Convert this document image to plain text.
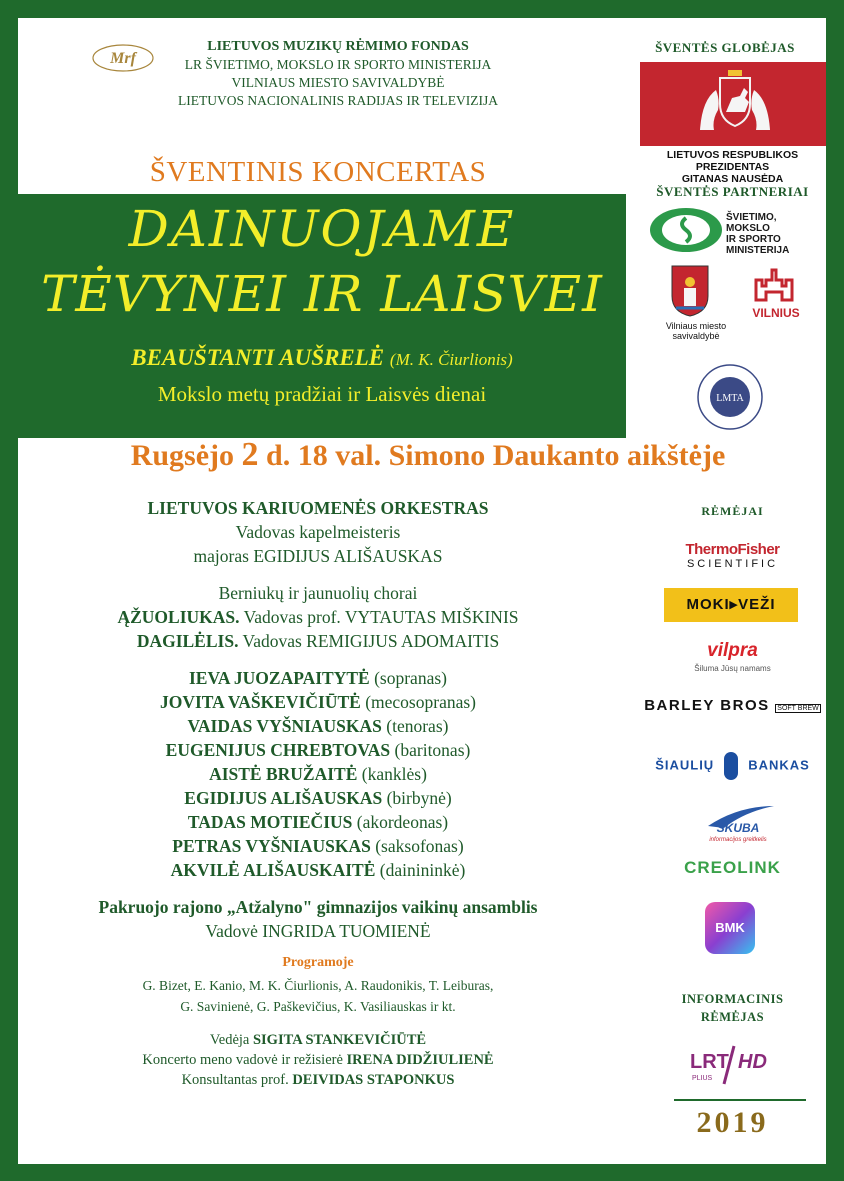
Mrf
LIETUVOS MUZIKŲ RĖMIMO FONDAS
LR ŠVIETIMO, MOKSLO IR SPORTO MINISTERIJA
VILNIAUS MIESTO SAVIVALDYBĖ
LIETUVOS NACIONALINIS RADIJAS IR TELEVIZIJA
ŠVENTĖS GLOBĖJAS
LIETUVOS RESPUBLIKOS PREZIDENTAS
GITANAS NAUSĖDA
ŠVENTĖS PARTNERIAI
ŠVIETIMO,
MOKSLO
IR SPORTO
MINISTERIJA
Vilniaus miesto
savivaldybė
VILNIUS
LMTA
ŠVENTINIS KONCERTAS
DAINUOJAME
TĖVYNEI IR LAISVEI
BEAUŠTANTI AUŠRELĖ (M. K. Čiurlionis)
Mokslo metų pradžiai ir Laisvės dienai
Rugsėjo 2 d. 18 val. Simono Daukanto aikštėje
LIETUVOS KARIUOMENĖS ORKESTRAS
Vadovas kapelmeisteris
majoras EGIDIJUS ALIŠAUSKAS
Berniukų ir jaunuolių chorai
ĄŽUOLIUKAS. Vadovas prof. VYTAUTAS MIŠKINIS
DAGILĖLIS. Vadovas REMIGIJUS ADOMAITIS
IEVA JUOZAPAITYTĖ (sopranas)
JOVITA VAŠKEVIČIŪTĖ (mecosopranas)
VAIDAS VYŠNIAUSKAS (tenoras)
EUGENIJUS CHREBTOVAS (baritonas)
AISTĖ BRUŽAITĖ (kanklės)
EGIDIJUS ALIŠAUSKAS (birbynė)
TADAS MOTIEČIUS (akordeonas)
PETRAS VYŠNIAUSKAS (saksofonas)
AKVILĖ ALIŠAUSKAITĖ (dainininkė)
Pakruojo rajono „Atžalyno" gimnazijos vaikinų ansamblis
Vadovė INGRIDA TUOMIENĖ
Programoje
G. Bizet, E. Kanio, M. K. Čiurlionis, A. Raudonikis, T. Leiburas,
G. Savinienė, G. Paškevičius, K. Vasiliauskas ir kt.
Vedėja SIGITA STANKEVIČIŪTĖ
Koncerto meno vadovė ir režisierė IRENA DIDŽIULIENĖ
Konsultantas prof. DEIVIDAS STAPONKUS
RĖMĖJAI
ThermoFisher
SCIENTIFIC
MOKI▸VEŽI
vilpra
Šiluma Jūsų namams
BARLEY BROS SOFT BREW
ŠIAULIŲ	BANKAS
SKUBA
informacijos greitkelis
CREOLINK
BMK
INFORMACINIS
RĖMĖJAS
LRT HD
PLIUS
2019
